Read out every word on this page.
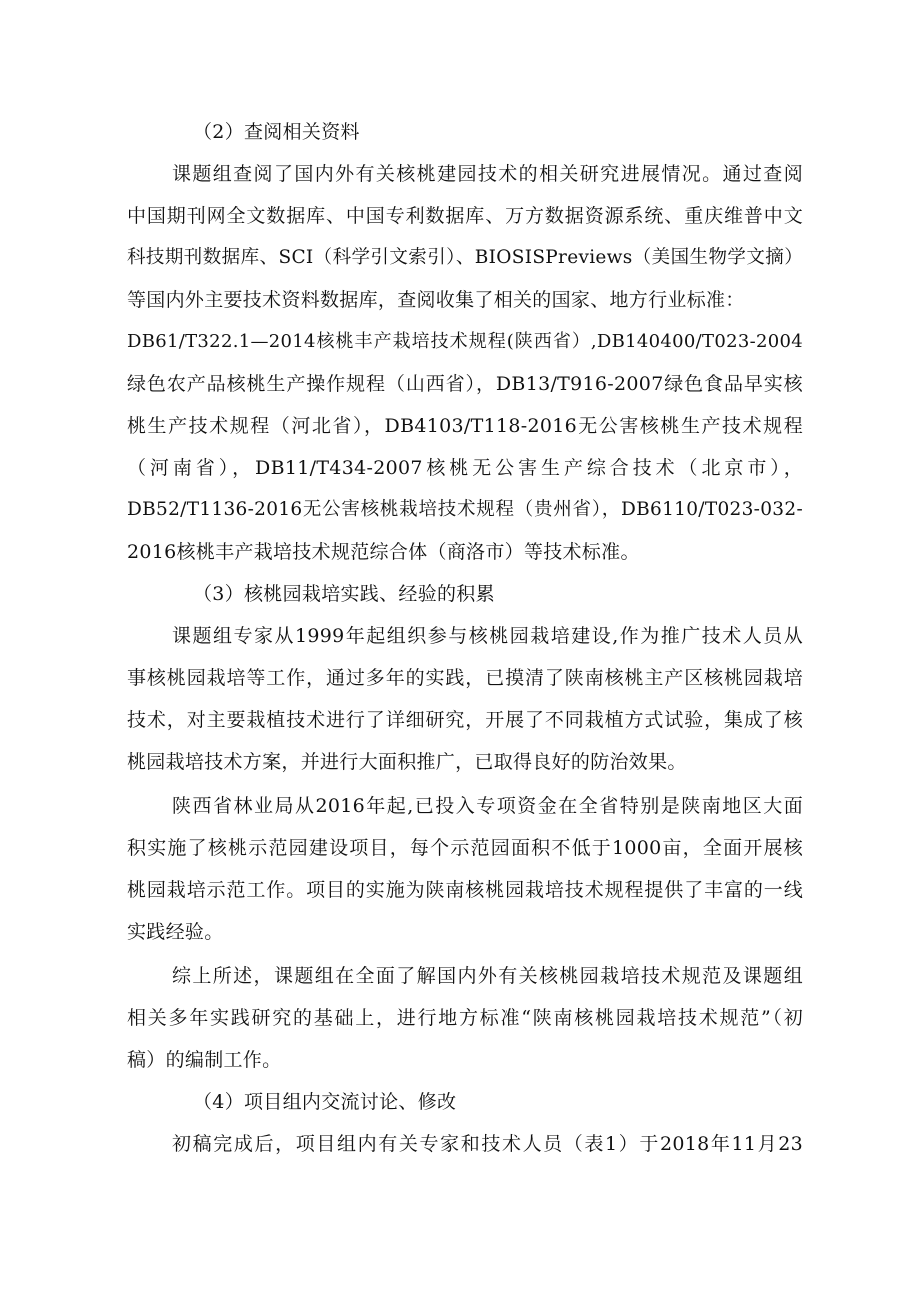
（2）查阅相关资料

课题组查阅了国内外有关核桃建园技术的相关研究进展情况。通过查阅

中国期刊网全文数据库、中国专利数据库、万方数据资源系统、重庆维普中文

科技期刊数据库、SCI（科学引文索引）、BIOSISPreviews（美国生物学文摘）

等国内外主要技术资料数据库，查阅收集了相关的国家、地方行业标准：

DB61/T322.1—2014核桃丰产栽培技术规程(陕西省）,DB140400/T023-2004

绿色农产品核桃生产操作规程（山西省），DB13/T916-2007绿色食品早实核

桃生产技术规程（河北省），DB4103/T118-2016无公害核桃生产技术规程

（河南省），DB11/T434-2007核桃无公害生产综合技术（北京市），

DB52/T1136-2016无公害核桃栽培技术规程（贵州省），DB6110/T023-032-

2016核桃丰产栽培技术规范综合体（商洛市）等技术标准。

（3）核桃园栽培实践、经验的积累

课题组专家从1999年起组织参与核桃园栽培建设,作为推广技术人员从

事核桃园栽培等工作，通过多年的实践，已摸清了陕南核桃主产区核桃园栽培

技术，对主要栽植技术进行了详细研究，开展了不同栽植方式试验，集成了核

桃园栽培技术方案，并进行大面积推广，已取得良好的防治效果。

陕西省林业局从2016年起,已投入专项资金在全省特别是陕南地区大面

积实施了核桃示范园建设项目，每个示范园面积不低于1000亩，全面开展核

桃园栽培示范工作。项目的实施为陕南核桃园栽培技术规程提供了丰富的一线

实践经验。

综上所述，课题组在全面了解国内外有关核桃园栽培技术规范及课题组

相关多年实践研究的基础上，进行地方标准“陕南核桃园栽培技术规范”（初

稿）的编制工作。

（4）项目组内交流讨论、修改

初稿完成后，项目组内有关专家和技术人员（表1）于2018年11月23
